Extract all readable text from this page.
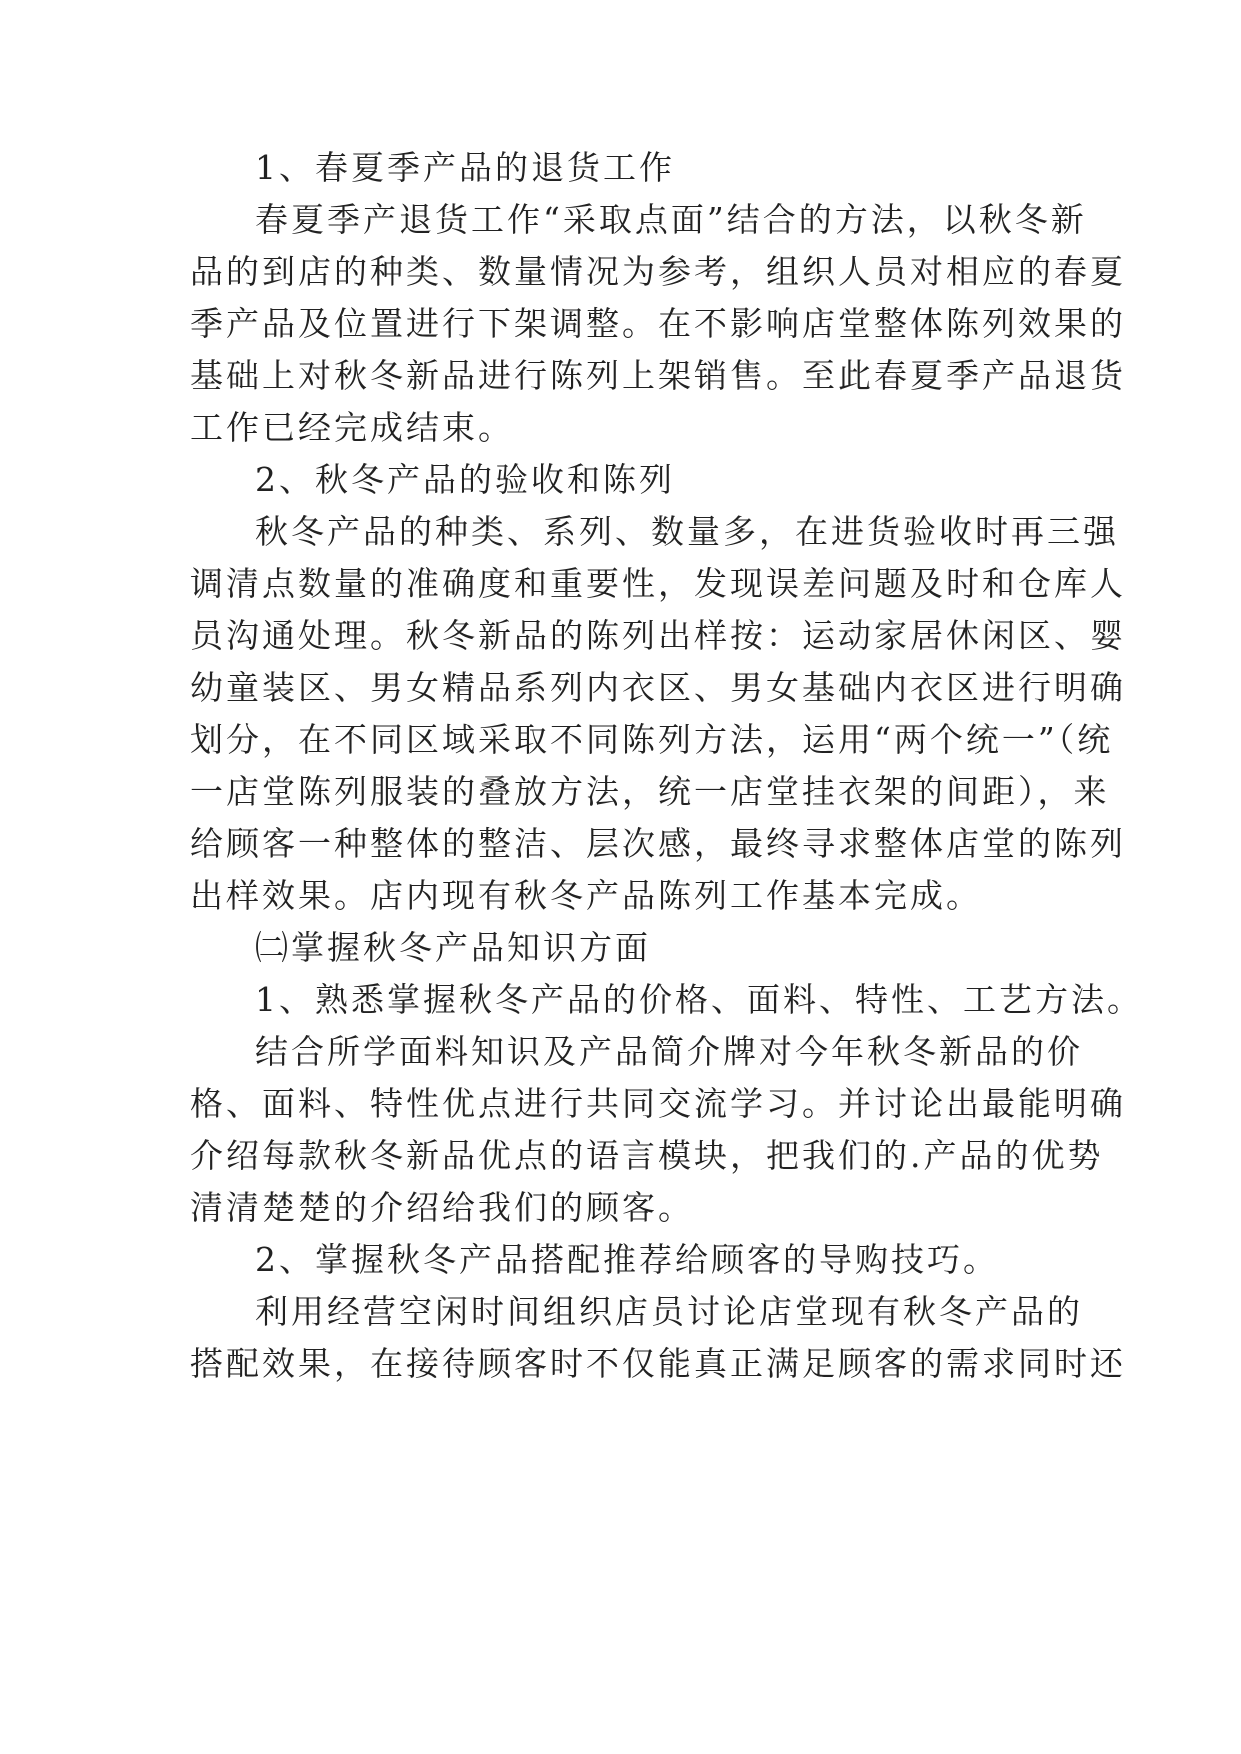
1、春夏季产品的退货工作
春夏季产退货工作“采取点面”结合的方法，以秋冬新
品的到店的种类、数量情况为参考，组织人员对相应的春夏
季产品及位置进行下架调整。在不影响店堂整体陈列效果的
基础上对秋冬新品进行陈列上架销售。至此春夏季产品退货
工作已经完成结束。
2、秋冬产品的验收和陈列
秋冬产品的种类、系列、数量多，在进货验收时再三强
调清点数量的准确度和重要性，发现误差问题及时和仓库人
员沟通处理。秋冬新品的陈列出样按：运动家居休闲区、婴
幼童装区、男女精品系列内衣区、男女基础内衣区进行明确
划分，在不同区域采取不同陈列方法，运用“两个统一”（统
一店堂陈列服装的叠放方法，统一店堂挂衣架的间距），来
给顾客一种整体的整洁、层次感，最终寻求整体店堂的陈列
出样效果。店内现有秋冬产品陈列工作基本完成。
㈡掌握秋冬产品知识方面
1、熟悉掌握秋冬产品的价格、面料、特性、工艺方法。
结合所学面料知识及产品简介牌对今年秋冬新品的价
格、面料、特性优点进行共同交流学习。并讨论出最能明确
介绍每款秋冬新品优点的语言模块，把我们的.产品的优势
清清楚楚的介绍给我们的顾客。
2、掌握秋冬产品搭配推荐给顾客的导购技巧。
利用经营空闲时间组织店员讨论店堂现有秋冬产品的
搭配效果，在接待顾客时不仅能真正满足顾客的需求同时还
